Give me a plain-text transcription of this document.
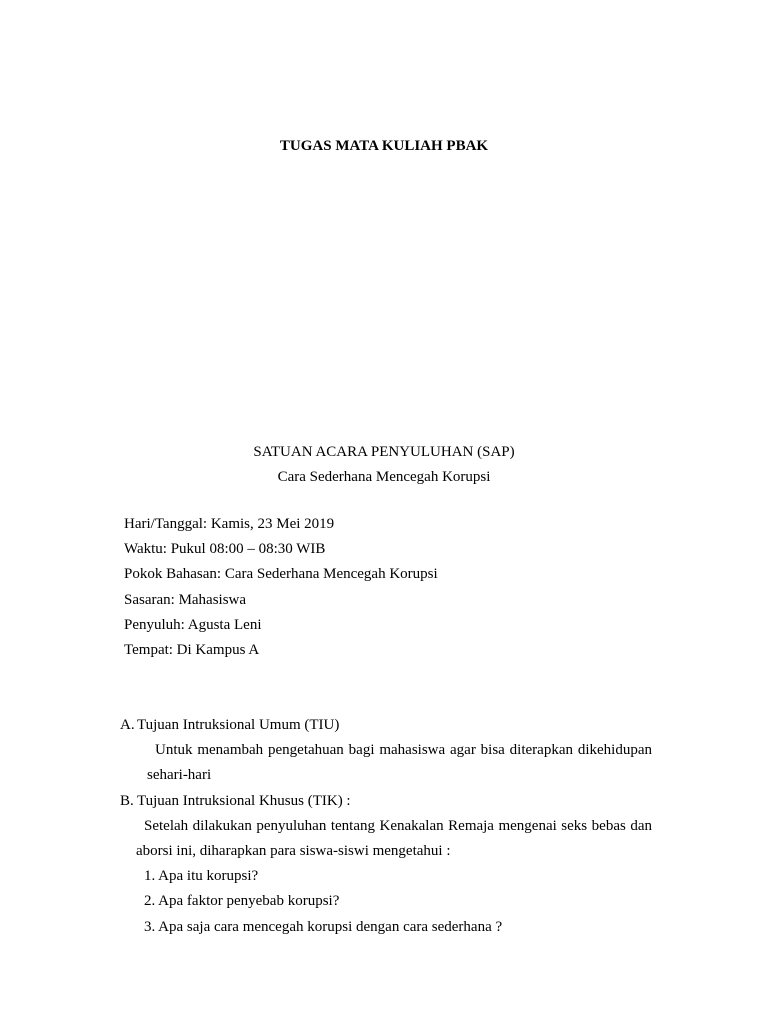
TUGAS MATA KULIAH PBAK
SATUAN ACARA PENYULUHAN (SAP)
Cara Sederhana Mencegah Korupsi
Hari/Tanggal: Kamis, 23 Mei 2019
Waktu: Pukul 08:00 – 08:30 WIB
Pokok Bahasan: Cara Sederhana Mencegah Korupsi
Sasaran: Mahasiswa
Penyuluh: Agusta Leni
Tempat: Di Kampus A
A. Tujuan Intruksional Umum (TIU)
Untuk menambah pengetahuan bagi mahasiswa agar bisa diterapkan dikehidupan sehari-hari
B. Tujuan Intruksional Khusus (TIK) :
Setelah dilakukan penyuluhan tentang Kenakalan Remaja mengenai seks bebas dan aborsi ini, diharapkan para siswa-siswi mengetahui :
1. Apa itu korupsi?
2. Apa faktor penyebab korupsi?
3. Apa saja cara mencegah korupsi dengan cara sederhana ?
